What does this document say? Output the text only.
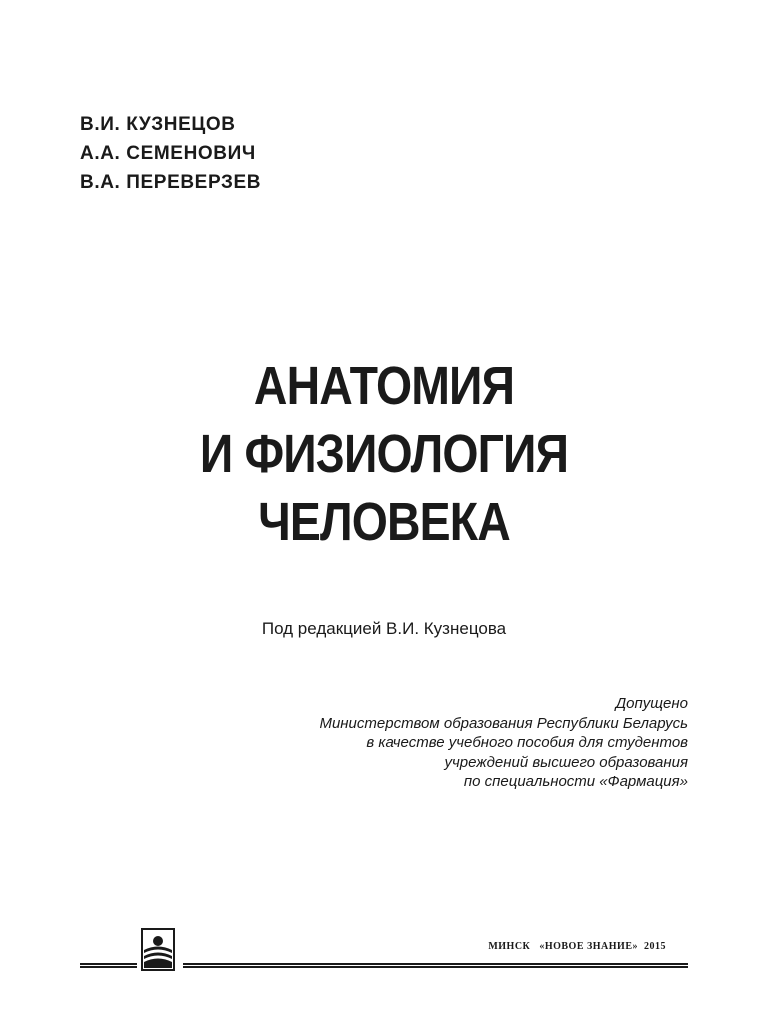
В.И. КУЗНЕЦОВ
А.А. СЕМЕНОВИЧ
В.А. ПЕРЕВЕРЗЕВ
АНАТОМИЯ
И ФИЗИОЛОГИЯ
ЧЕЛОВЕКА
Под редакцией В.И. Кузнецова
Допущено
Министерством образования Республики Беларусь
в качестве учебного пособия для студентов
учреждений высшего образования
по специальности «Фармация»
МИНСК «НОВОЕ ЗНАНИЕ» 2015
